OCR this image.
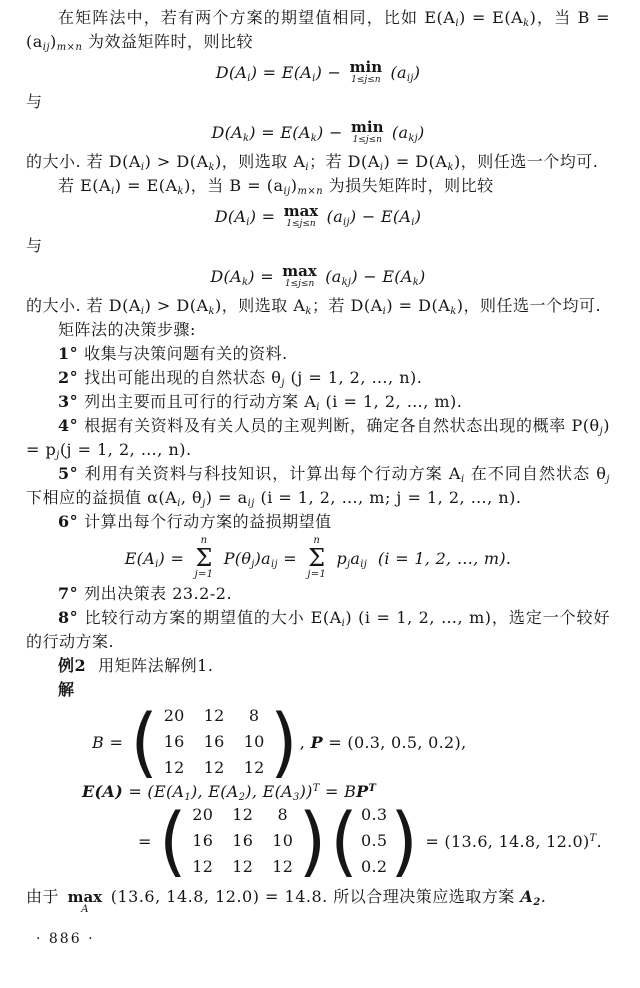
在矩阵法中，若有两个方案的期望值相同，比如 $E(A_i) = E(A_k)$，当 $B = (a_{ij})_{m\times n}$ 为效益矩阵时，则比较

$D(A_i) = E(A_i) - \min$
1≤j≤n $(a_{ij})$

与

$D(A_k) = E(A_k) - \min$
1≤j≤n $(a_{kj})$

的大小. 若 $D(A_i) > D(A_k)$，则选取 $A_i$；若 $D(A_i) = D(A_k)$，则任选一个均可.

若 $E(A_i) = E(A_k)$，当 $B = (a_{ij})_{m\times n}$ 为损失矩阵时，则比较

$D(A_i) = \max$
1≤j≤n $(a_{ij}) - E(A_i)$

与

$D(A_k) = \max$
1≤j≤n $(a_{kj}) - E(A_k)$

的大小. 若 $D(A_i) > D(A_k)$，则选取 $A_k$；若 $D(A_i) = D(A_k)$，则任选一个均可.

矩阵法的决策步骤:

1° 收集与决策问题有关的资料.

2° 找出可能出现的自然状态 $\theta_j$ (j = 1, 2, …, n).

3° 列出主要而且可行的行动方案 $A_i$ (i = 1, 2, …, m).

4° 根据有关资料及有关人员的主观判断，确定各自然状态出现的概率 $P(\theta_j) = p_j(j = 1$, 2, …, n).

5° 利用有关资料与科技知识，计算出每个行动方案 $A_i$ 在不同自然状态 $\theta_j$ 下相应的益损值 $\alpha(A_i$, $\theta_j) = a_{ij}$ (i = 1, 2, …, m; j = 1, 2, …, n).

6° 计算出每个行动方案的益损期望值

$E(A_i)$ =
n
Σ
j=1
$P(\theta_j)a_{ij}$ =
n
Σ
j=1
$p_ja_{ij}$  (i = 1, 2, …, m).

7° 列出决策表 23.2-2.

8° 比较行动方案的期望值的大小 $E(A_i) (i = 1$, 2, …, m)，选定一个较好的行动方案.

例2 用矩阵法解例1.

解

B = ( 20 12 8
16 16 10
12 12 12 ) , P = (0.3, 0.5, 0.2),
$E(A) = (E(A_1)$, $E(A_2)$, $E(A_3))^T = B$ $P^T$
= ( 20 12 8
16 16 10
12 12 12 ) ( 0.3
0.5
0.2 ) = (13.6, 14.8, 12.0)$^T$.

由于 max
A
(13.6, 14.8, 12.0) = 14.8. 所以合理决策应选取方案 $A_2$.

· 886 ·
